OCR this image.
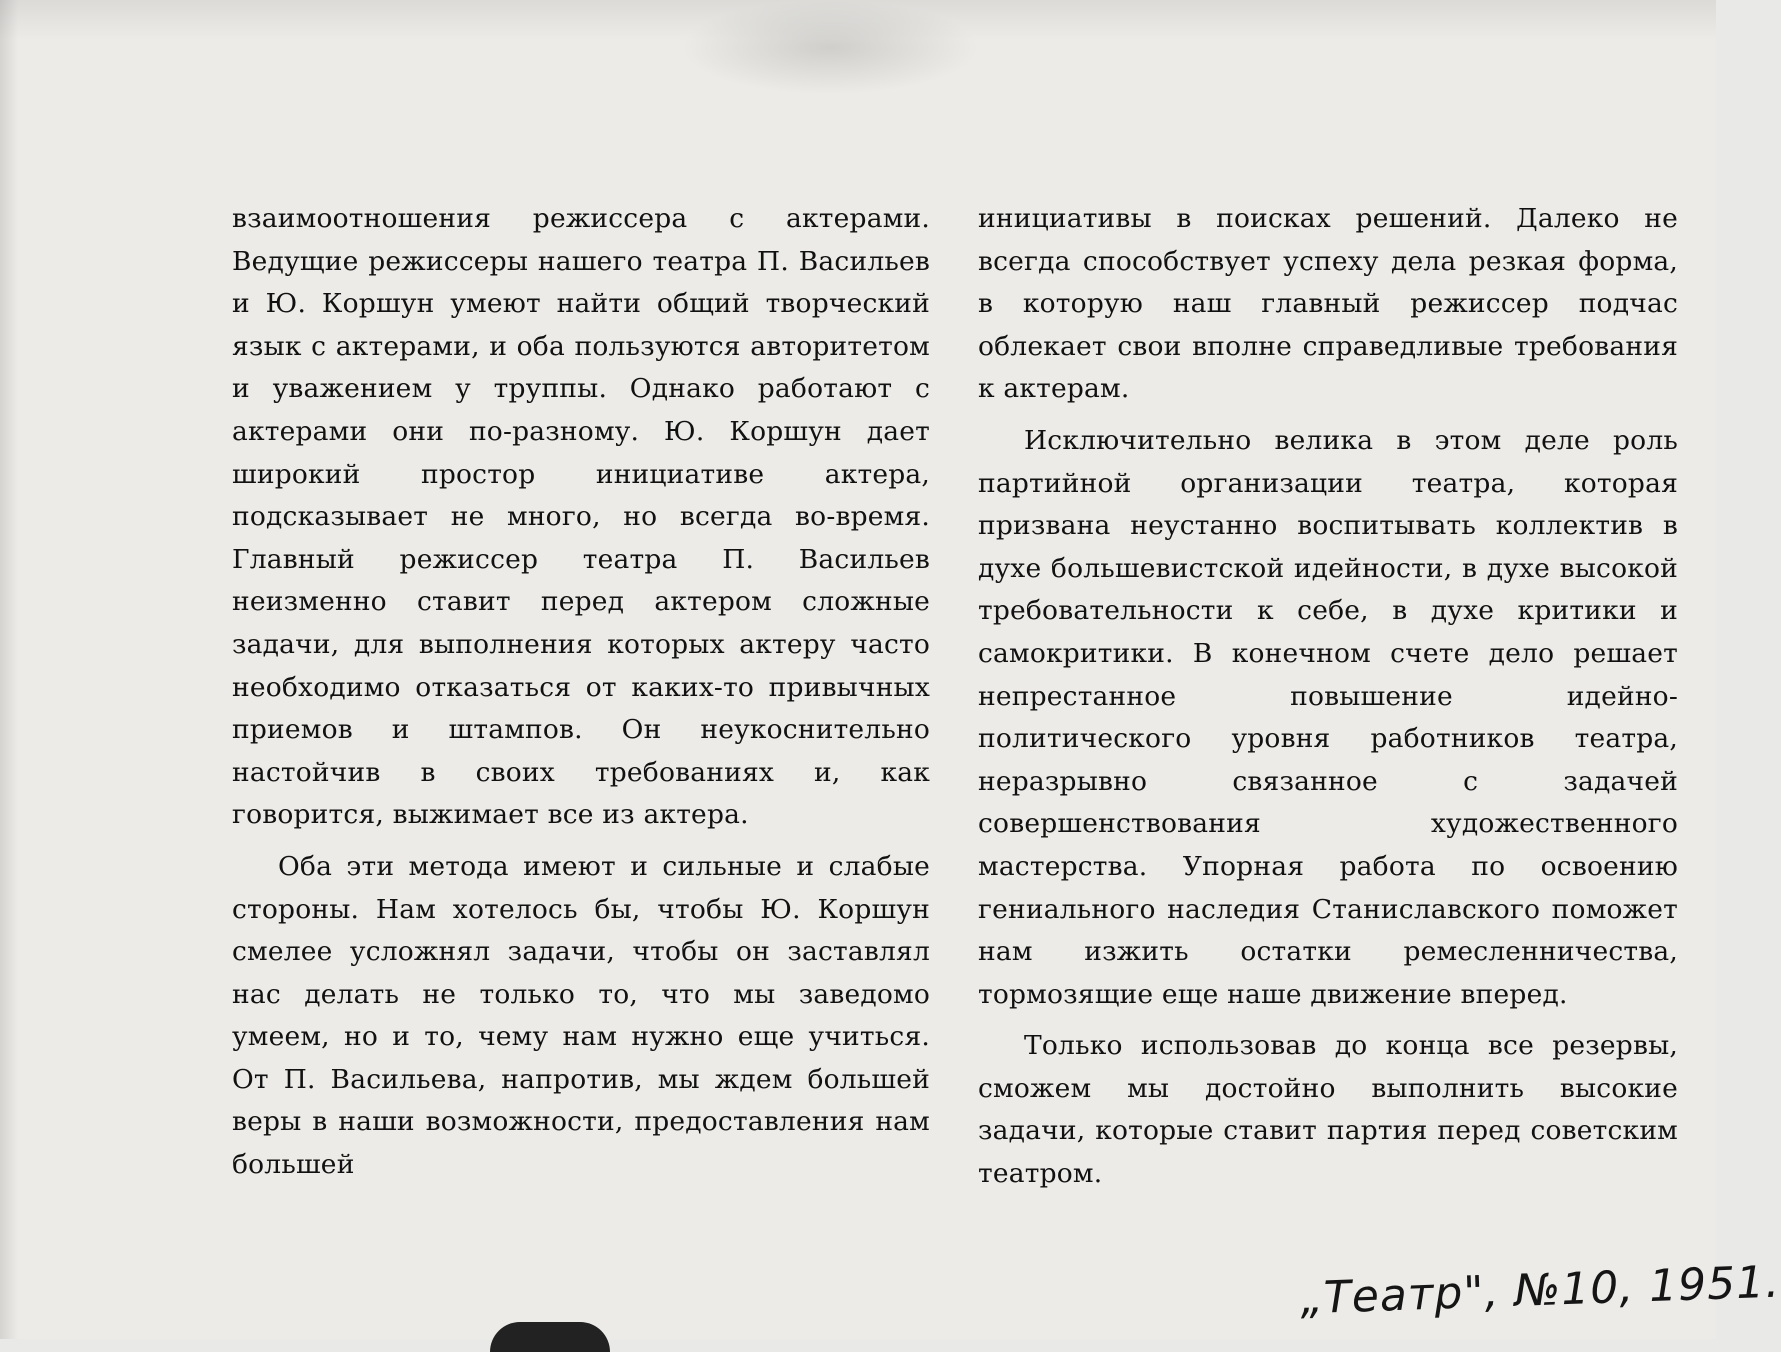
взаимоотношения режиссера с актерами. Ведущие режиссеры нашего театра П. Васильев и Ю. Коршун умеют найти общий творческий язык с актерами, и оба пользуются авторитетом и уважением у труппы. Однако работают с актерами они по-разному. Ю. Коршун дает широкий простор инициативе актера, подсказывает не много, но всегда во-время. Главный режиссер театра П. Васильев неизменно ставит перед актером сложные задачи, для выполнения которых актеру часто необходимо отказаться от каких-то привычных приемов и штампов. Он неукоснительно настойчив в своих требованиях и, как говорится, выжимает все из актера.

Оба эти метода имеют и сильные и слабые стороны. Нам хотелось бы, чтобы Ю. Коршун смелее усложнял задачи, чтобы он заставлял нас делать не только то, что мы заведомо умеем, но и то, чему нам нужно еще учиться. От П. Васильева, напротив, мы ждем большей веры в наши возможности, предоставления нам большей

инициативы в поисках решений. Далеко не всегда способствует успеху дела резкая форма, в которую наш главный режиссер подчас облекает свои вполне справедливые требования к актерам.

Исключительно велика в этом деле роль партийной организации театра, которая призвана неустанно воспитывать коллектив в духе большевистской идейности, в духе высокой требовательности к себе, в духе критики и самокритики. В конечном счете дело решает непрестанное повышение идейно-политического уровня работников театра, неразрывно связанное с задачей совершенствования художественного мастерства. Упорная работа по освоению гениального наследия Станиславского поможет нам изжить остатки ремесленничества, тормозящие еще наше движение вперед.

Только использовав до конца все резервы, сможем мы достойно выполнить высокие задачи, которые ставит партия перед советским театром.

„Театр", №10, 1951.
